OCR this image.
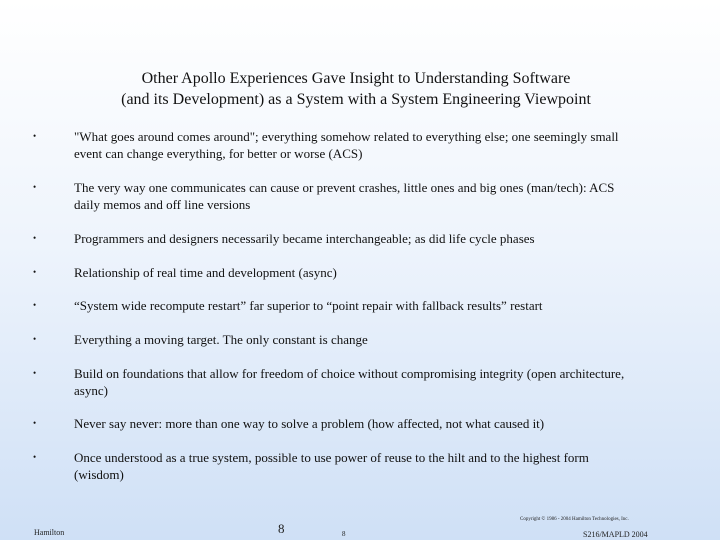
Other Apollo Experiences Gave Insight to Understanding Software
(and its Development) as a System with a System Engineering Viewpoint
•	"What goes around comes around"; everything somehow related to everything else; one seemingly small
event can change everything, for better or worse (ACS)
•	The very way one communicates can cause or prevent crashes, little ones and big ones (man/tech): ACS
daily memos and off line versions
•	Programmers and designers necessarily became interchangeable; as did life cycle phases
•	Relationship of real time and development (async)
•	“System wide recompute restart” far superior to “point repair with fallback results” restart
•	Everything a moving target. The only constant is change
•	Build on foundations that allow for freedom of choice without compromising integrity (open architecture,
async)
•	Never say never: more than one way to solve a problem (how affected, not what caused it)
•	Once understood as a true system, possible to use power of reuse to the hilt and to the highest form
(wisdom)
Hamilton	8	8
Copyright © 1986 - 2004 Hamilton Technologies, Inc.
S216/MAPLD 2004
